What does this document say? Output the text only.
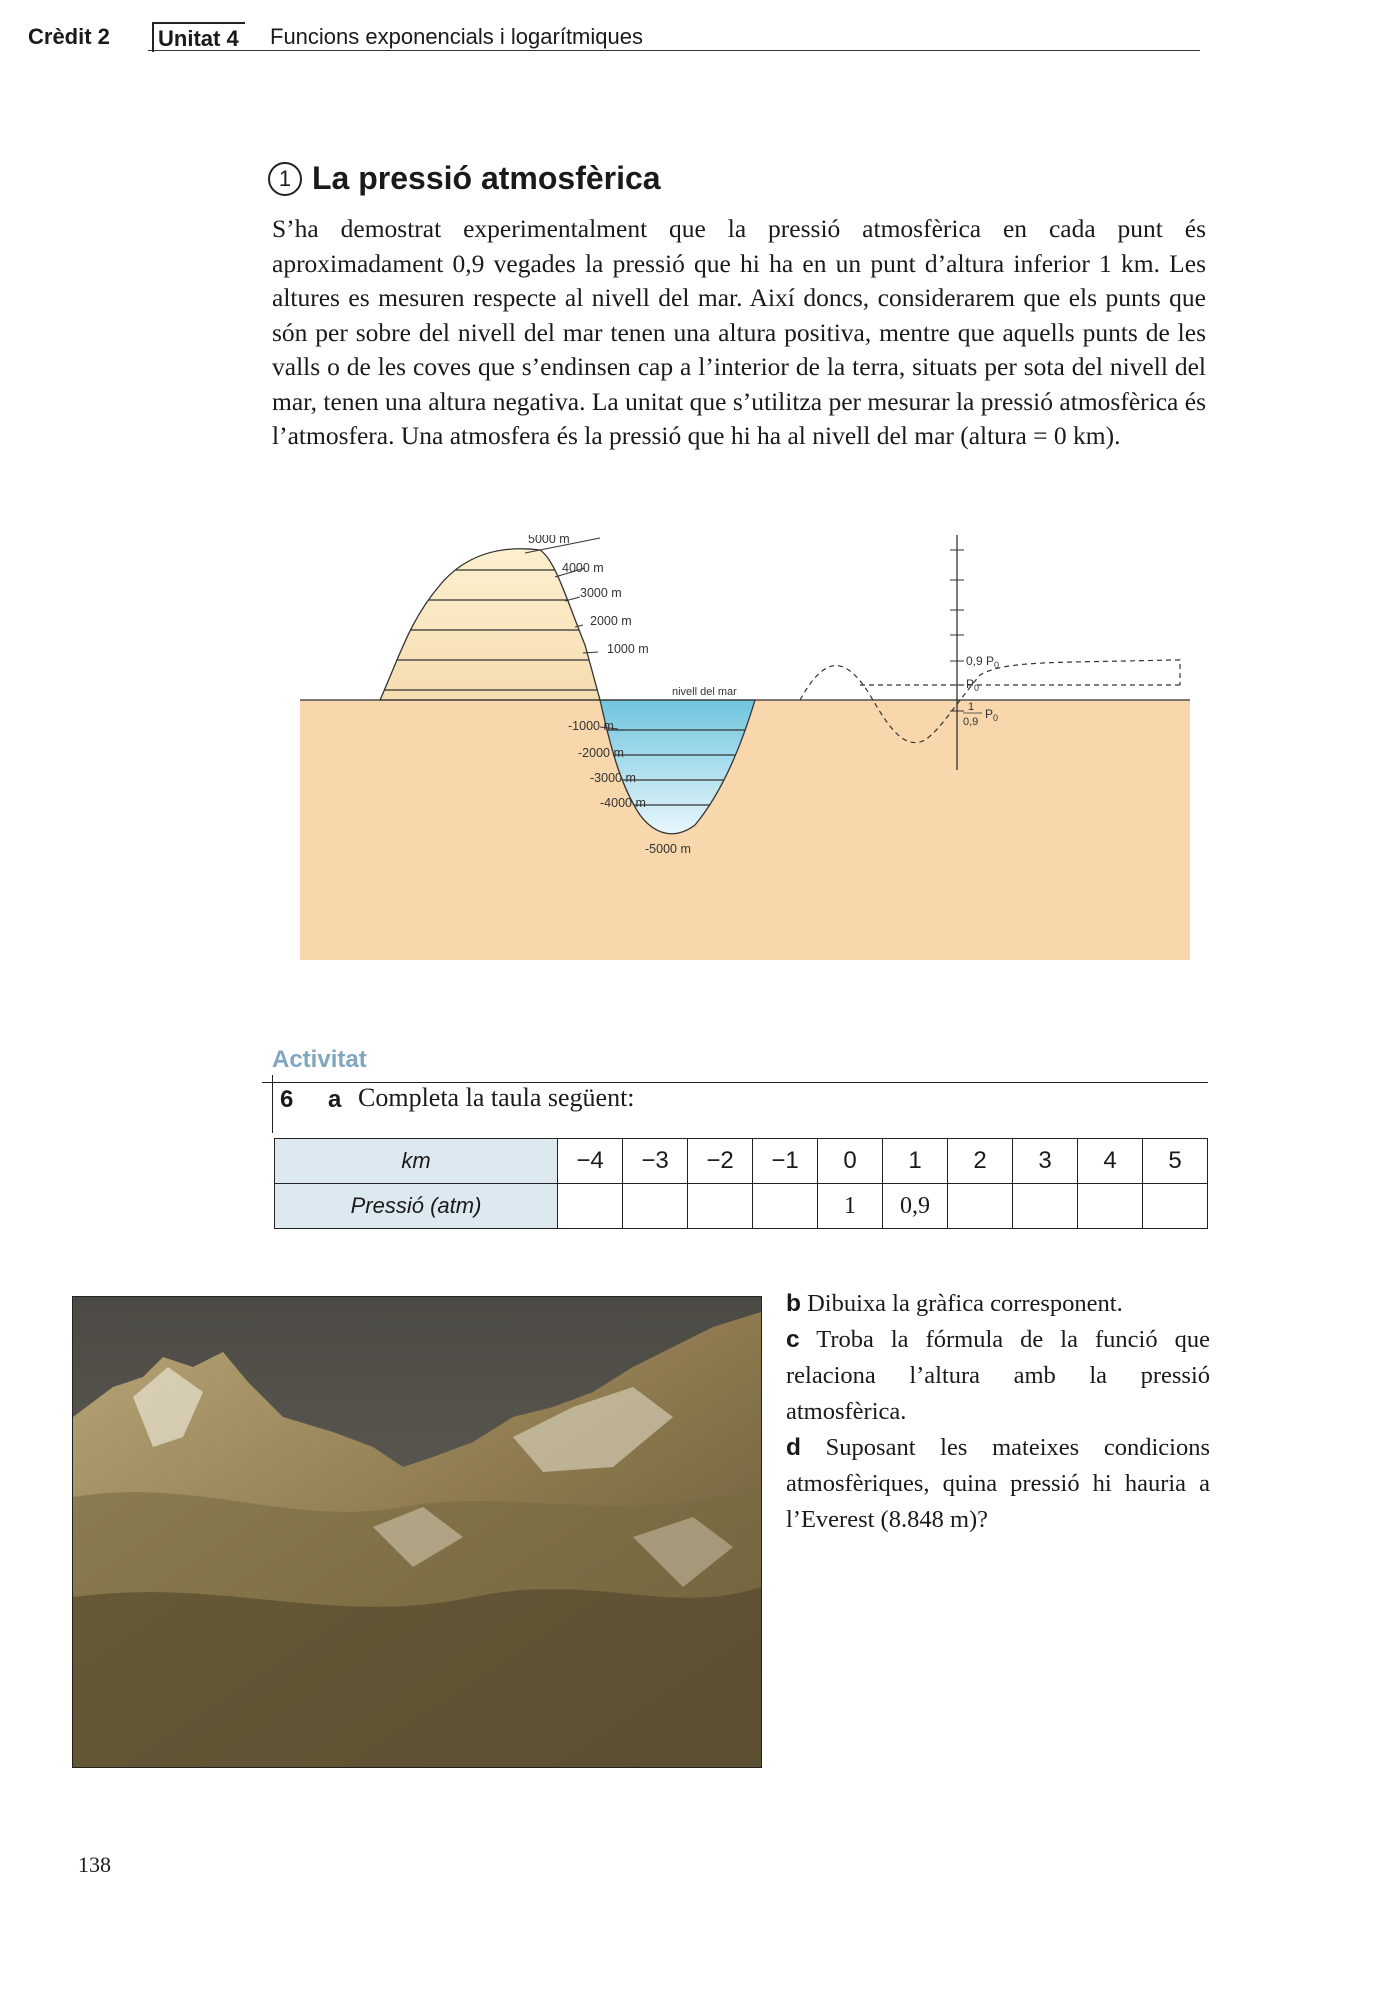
Crèdit 2 Unitat 4 Funcions exponencials i logarítmiques
1 La pressió atmosfèrica

S’ha demostrat experimentalment que la pressió atmosfèrica en cada punt és aproximadament 0,9 vegades la pressió que hi ha en un punt d’altura inferior 1 km. Les altures es mesuren respecte al nivell del mar. Així doncs, considerarem que els punts que són per sobre del nivell del mar tenen una altura positiva, mentre que aquells punts de les valls o de les coves que s’endinsen cap a l’interior de la terra, situats per sota del nivell del mar, tenen una altura negativa. La unitat que s’utilitza per mesurar la pressió atmosfèrica és l’atmosfera. Una atmosfera és la pressió que hi ha al nivell del mar (altura = 0 km).

5000 m
4000 m
3000 m
2000 m
1000 m
nivell del mar
-1000 m
-2000 m
-3000 m
-4000 m
-5000 m
0,9 $P_0$
$P_0$
1
0,9
$P_0$
Activitat
6 a Completa la taula següent:
km	−4	−3	−2	−1	0	1	2	3	4	5
Pressió (atm)					1	0,9				

b Dibuixa la gràfica corresponent.

c Troba la fórmula de la funció que relaciona l’altura amb la pressió atmosfèrica.

d Suposant les mateixes condicions atmosfèriques, quina pressió hi hauria a l’Everest (8.848 m)?

138
